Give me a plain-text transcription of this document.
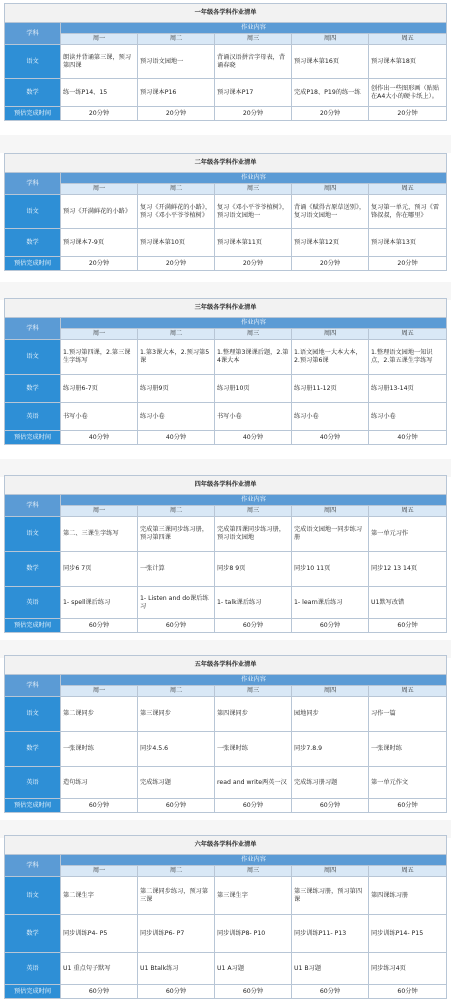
一年级各学科作业清单					
学科	作业内容				
	周一	周二	周三	周四	周五
语文	朗读并背诵第三课，预习第四课	预习语文园地一	背诵汉语拼音字母表，背诵春晓	预习课本第16页	预习课本第18页
数学	练一练P14、15	预习课本P16	预习课本P17	完成P18、P19的练一练	创作出一些图形画（贴贴在A4大小的硬卡纸上）。
预估完成时间	20分钟	20分钟	20分钟	20分钟	20分钟
二年级各学科作业清单					
学科	作业内容				
	周一	周二	周三	周四	周五
语文	预习《开满鲜花的小路》	复习《开满鲜花的小路》，预习《邓小平爷爷植树》	复习《邓小平爷爷植树》，预习语文园地一	背诵《赋得古原草送别》，复习语文园地一	复习第一单元，预习《雷锋叔叔，你在哪里》
数学	预习课本7-9页	预习课本第10页	预习课本第11页	预习课本第12页	预习课本第13页
预估完成时间	20分钟	20分钟	20分钟	20分钟	20分钟
三年级各学科作业清单					
学科	作业内容				
	周一	周二	周三	周四	周五
语文	1.预习第四课，2.第三课生字练写	1.第3课大本，2.预习第5课	1.整理第3课课后题，2.第4课大本	1.语文园地一大本大本，2.预习第6课	1.整理语文园地一知识点，2.第五课生字练写
数学	练习册6-7页	练习册9页	练习册10页	练习册11-12页	练习册13-14页
英语	书写小卷	练习小卷	书写小卷	练习小卷	练习小卷
预估完成时间	40分钟	40分钟	40分钟	40分钟	40分钟
四年级各学科作业清单					
学科	作业内容				
	周一	周二	周三	周四	周五
语文	第二、三课生字练写	完成第三课同步练习册，预习第四课	完成第四课同步练习册，预习语文园地	完成语文园地一同步练习册	第一单元习作
数学	同步6 7页	一张计算	同步8 9页	同步10 11页	同步12 13 14页
英语	1- spell课后练习	1- Listen and do课后练习	1- talk课后练习	1- learn课后练习	U1默写改错
预估完成时间	60分钟	60分钟	60分钟	60分钟	60分钟
五年级各学科作业清单					
学科	作业内容				
	周一	周二	周三	周四	周五
语文	第二课同步	第三课同步	第四课同步	园地同步	习作一篇
数学	一张课时练	同步4.5.6	一张课时练	同步7.8.9	一张课时练
英语	造句练习	完成练习题	read and write两英一汉	完成练习册习题	第一单元作文
预估完成时间	60分钟	60分钟	60分钟	60分钟	60分钟
六年级各学科作业清单					
学科	作业内容				
	周一	周二	周三	周四	周五
语文	第二课生字	第二课同步练习，预习第三课	第三课生字	第三课练习册，预习第四课	第四课练习册
数学	同步训练P4- P5	同步训练P6- P7	同步训练P8- P10	同步训练P11- P13	同步训练P14- P15
英语	U1 重点句子默写	U1 Btalk练习	U1 A习题	U1 B习题	同步练习4页
预估完成时间	60分钟	60分钟	60分钟	60分钟	60分钟
